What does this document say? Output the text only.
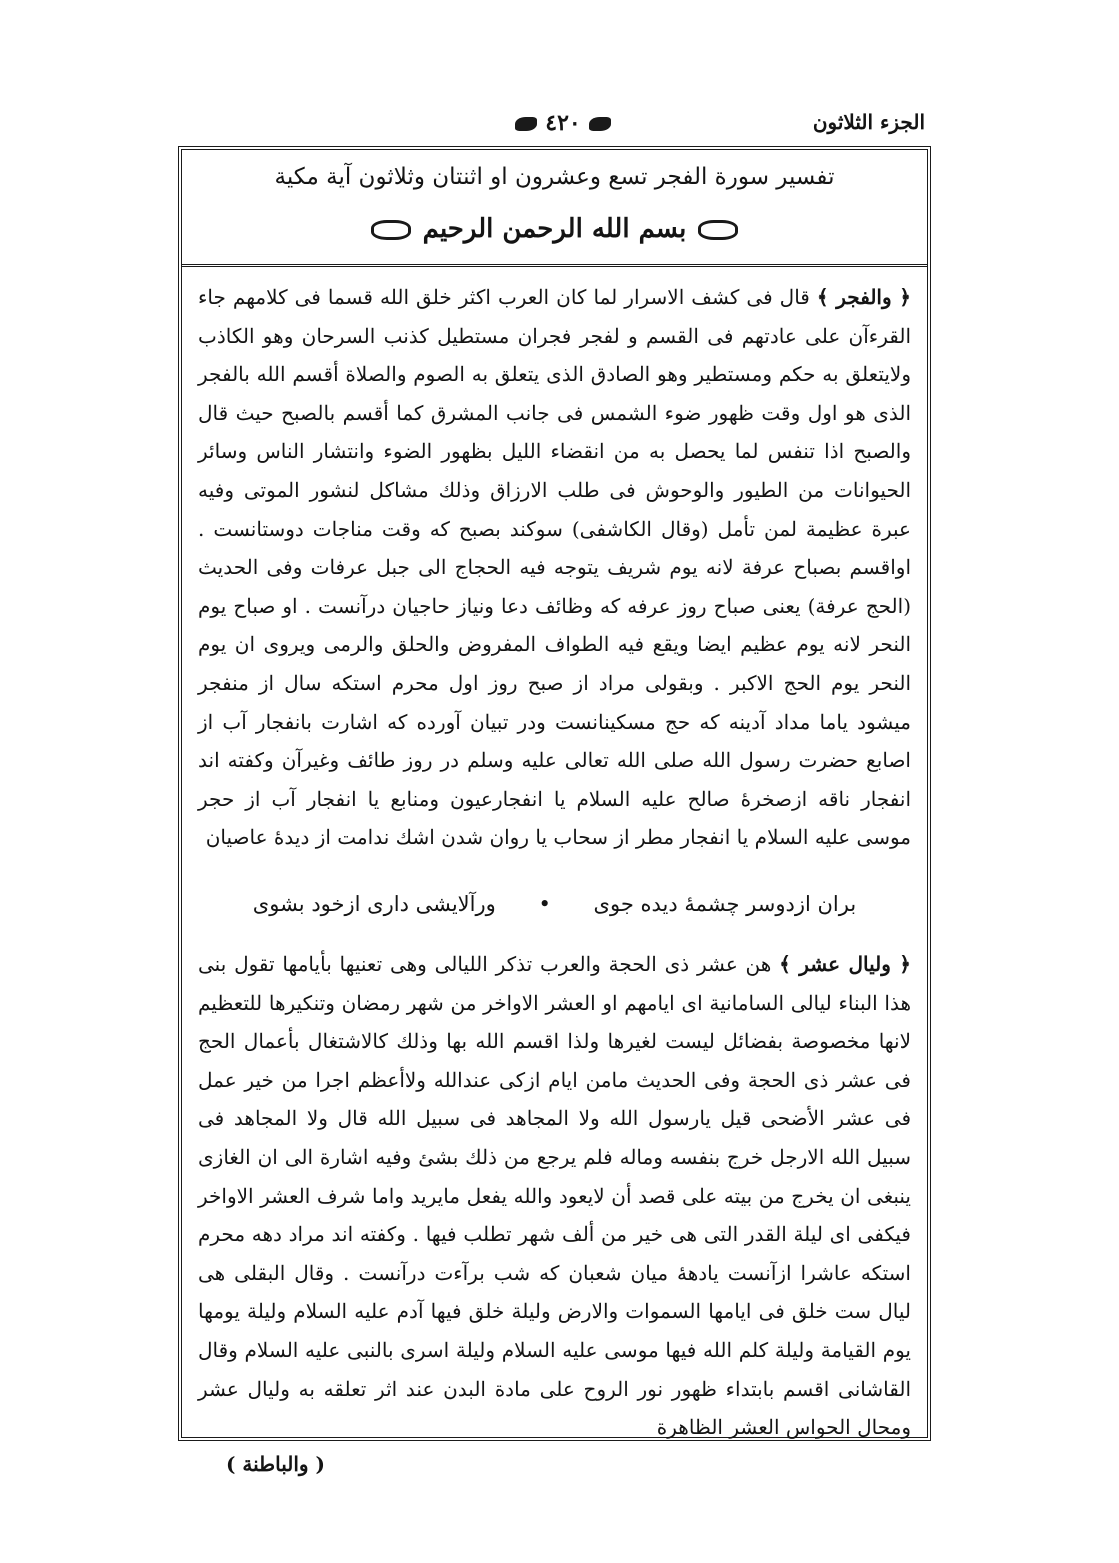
الجزء الثلاثون
٤٢٠
تفسير سورة الفجر تسع وعشرون او اثنتان وثلاثون آية مكية
بسم الله الرحمن الرحيم
﴿ والفجر ﴾ قال فى كشف الاسرار لما كان العرب اكثر خلق الله قسما فى كلامهم جاء القرءآن على عادتهم فى القسم و لفجر فجران مستطيل كذنب السرحان وهو الكاذب ولايتعلق به حكم ومستطير وهو الصادق الذى يتعلق به الصوم والصلاة أقسم الله بالفجر الذى هو اول وقت ظهور ضوء الشمس فى جانب المشرق كما أقسم بالصبح حيث قال والصبح اذا تنفس لما يحصل به من انقضاء الليل بظهور الضوء وانتشار الناس وسائر الحيوانات من الطيور والوحوش فى طلب الارزاق وذلك مشاكل لنشور الموتى وفيه عبرة عظيمة لمن تأمل (وقال الكاشفى) سوكند بصبح كه وقت مناجات دوستانست . اواقسم بصباح عرفة لانه يوم شريف يتوجه فيه الحجاج الى جبل عرفات وفى الحديث (الحج عرفة) يعنى صباح روز عرفه كه وظائف دعا ونياز حاجيان درآنست . او صباح يوم النحر لانه يوم عظيم ايضا ويقع فيه الطواف المفروض والحلق والرمى ويروى ان يوم النحر يوم الحج الاكبر . وبقولى مراد از صبح روز اول محرم استكه سال از منفجر ميشود ياما مداد آدينه كه حج مسكينانست ودر تبيان آورده كه اشارت بانفجار آب از اصابع حضرت رسول الله صلى الله تعالى عليه وسلم در روز طائف وغيرآن وكفته اند انفجار ناقه ازصخرهٔ صالح عليه السلام يا انفجارعيون ومنابع يا انفجار آب از حجر موسى عليه السلام يا انفجار مطر از سحاب يا روان شدن اشك ندامت از ديدهٔ عاصيان
بران ازدوسر چشمهٔ ديده جوى • ورآلايشى دارى ازخود بشوى
﴿ وليال عشر ﴾ هن عشر ذى الحجة والعرب تذكر الليالى وهى تعنيها بأيامها تقول بنى هذا البناء ليالى السامانية اى ايامهم او العشر الاواخر من شهر رمضان وتنكيرها للتعظيم لانها مخصوصة بفضائل ليست لغيرها ولذا اقسم الله بها وذلك كالاشتغال بأعمال الحج فى عشر ذى الحجة وفى الحديث مامن ايام ازكى عندالله ولاأعظم اجرا من خير عمل فى عشر الأضحى قيل يارسول الله ولا المجاهد فى سبيل الله قال ولا المجاهد فى سبيل الله الارجل خرج بنفسه وماله فلم يرجع من ذلك بشئ وفيه اشارة الى ان الغازى ينبغى ان يخرج من بيته على قصد أن لايعود والله يفعل مايريد واما شرف العشر الاواخر فيكفى اى ليلة القدر التى هى خير من ألف شهر تطلب فيها . وكفته اند مراد دهه محرم استكه عاشرا ازآنست يادههٔ ميان شعبان كه شب برآءت درآنست . وقال البقلى هى ليال ست خلق فى ايامها السموات والارض وليلة خلق فيها آدم عليه السلام وليلة يومها يوم القيامة وليلة كلم الله فيها موسى عليه السلام وليلة اسرى بالنبى عليه السلام وقال القاشانى اقسم بابتداء ظهور نور الروح على مادة البدن عند اثر تعلقه به وليال عشر ومحال الحواس العشر الظاهرة
( والباطنة )
